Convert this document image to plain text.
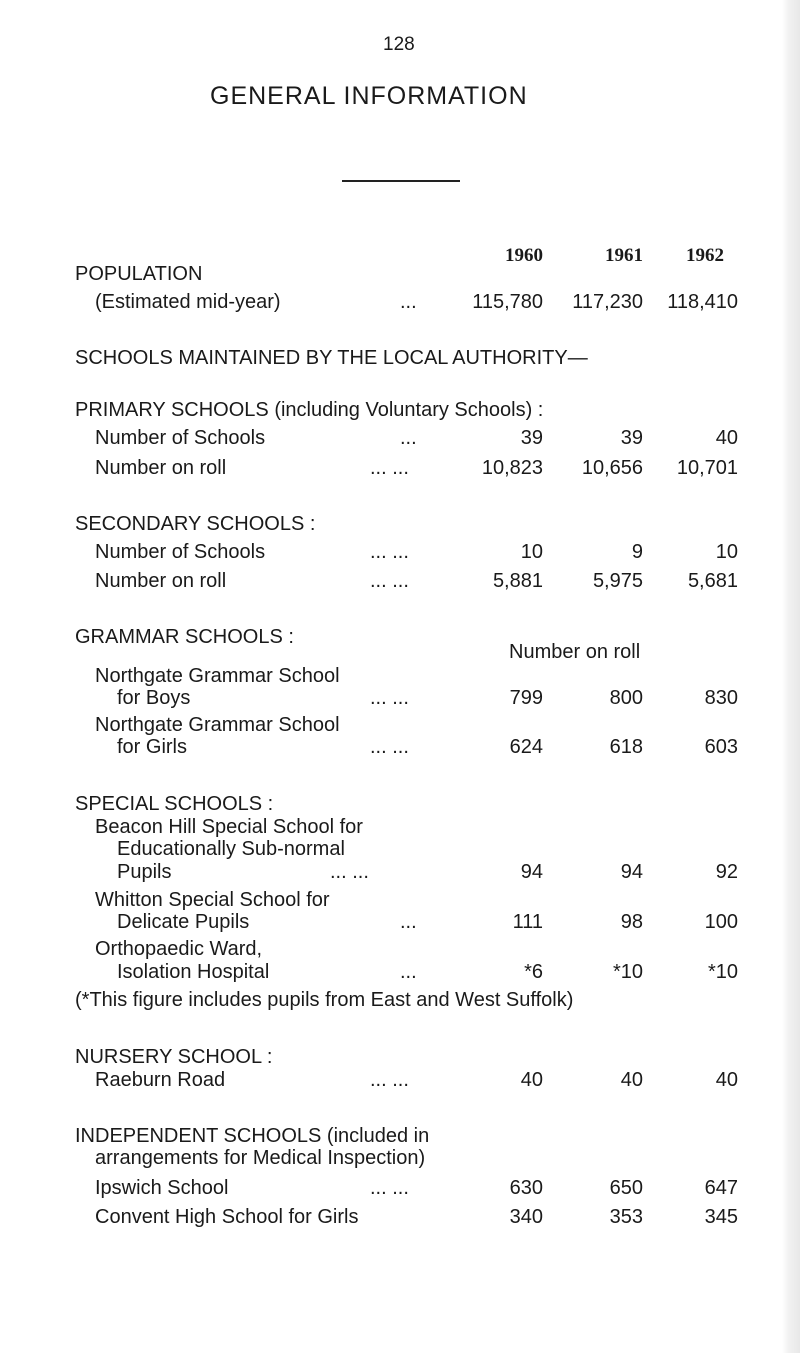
128
GENERAL INFORMATION
1960	1961 1962
POPULATION
(Estimated mid-year)	...	115,780 117,230 118,410
SCHOOLS MAINTAINED BY THE LOCAL AUTHORITY—
PRIMARY SCHOOLS (including Voluntary Schools) :
Number of Schools	...	39	39	40
Number on roll	... ...	10,823 10,656 10,701
SECONDARY SCHOOLS :
Number of Schools	... ...	10	9	10
Number on roll	... ...	5,881 5,975 5,681
GRAMMAR SCHOOLS :
Number on roll
Northgate Grammar School
for Boys	... ...	799	800	830
Northgate Grammar School
for Girls	... ...	624	618	603
SPECIAL SCHOOLS :
Beacon Hill Special School for
Educationally Sub-normal
Pupils	... ...	94	94	92
Whitton Special School for
Delicate Pupils	...	111	98	100
Orthopaedic Ward,
Isolation Hospital	...	*6	*10	*10
(*This figure includes pupils from East and West Suffolk)
NURSERY SCHOOL :
Raeburn Road	... ...	40	40	40
INDEPENDENT SCHOOLS (included in
arrangements for Medical Inspection)
Ipswich School	... ...	630	650	647
Convent High School for Girls	340	353	345
